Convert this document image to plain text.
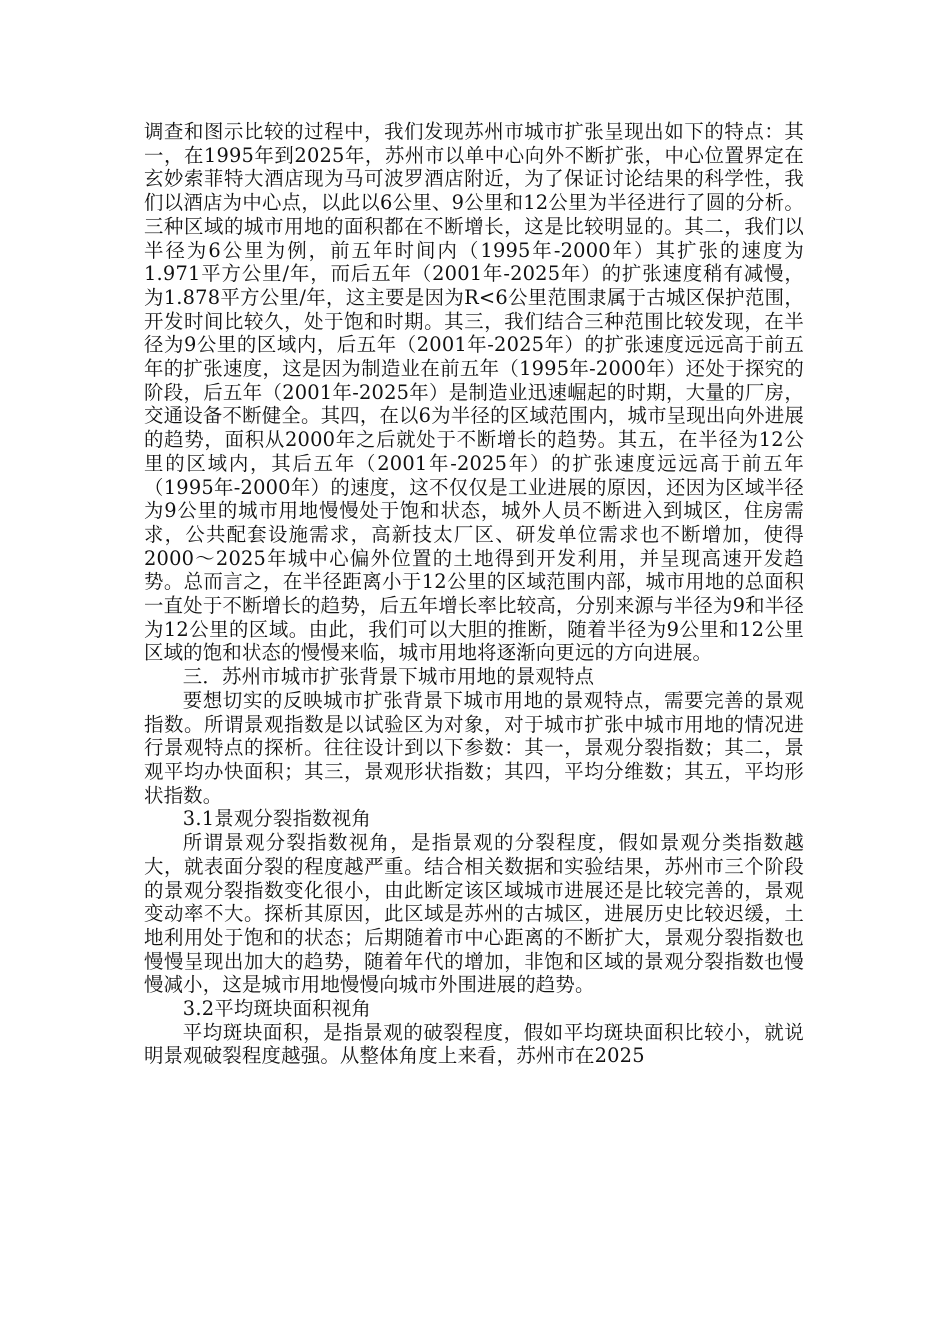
调查和图示比较的过程中，我们发现苏州市城市扩张呈现出如下的特点：其一，在1995年到2025年，苏州市以单中心向外不断扩张，中心位置界定在玄妙索菲特大酒店现为马可波罗酒店附近，为了保证讨论结果的科学性，我们以酒店为中心点，以此以6公里、9公里和12公里为半径进行了圆的分析。三种区域的城市用地的面积都在不断增长，这是比较明显的。其二，我们以半径为6公里为例，前五年时间内（1995年-2000年）其扩张的速度为1.971平方公里/年，而后五年（2001年-2025年）的扩张速度稍有减慢，为1.878平方公里/年，这主要是因为R<6公里范围隶属于古城区保护范围，开发时间比较久，处于饱和时期。其三，我们结合三种范围比较发现，在半径为9公里的区域内，后五年（2001年-2025年）的扩张速度远远高于前五年的扩张速度，这是因为制造业在前五年（1995年-2000年）还处于探究的阶段，后五年（2001年-2025年）是制造业迅速崛起的时期，大量的厂房，交通设备不断健全。其四，在以6为半径的区域范围内，城市呈现出向外进展的趋势，面积从2000年之后就处于不断增长的趋势。其五，在半径为12公里的区域内，其后五年（2001年-2025年）的扩张速度远远高于前五年（1995年-2000年）的速度，这不仅仅是工业进展的原因，还因为区域半径为9公里的城市用地慢慢处于饱和状态，城外人员不断进入到城区，住房需求，公共配套设施需求，高新技太厂区、研发单位需求也不断增加，使得2000～2025年城中心偏外位置的土地得到开发利用，并呈现高速开发趋势。总而言之，在半径距离小于12公里的区域范围内部，城市用地的总面积一直处于不断增长的趋势，后五年增长率比较高，分别来源与半径为9和半径为12公里的区域。由此，我们可以大胆的推断，随着半径为9公里和12公里区域的饱和状态的慢慢来临，城市用地将逐渐向更远的方向进展。

三．苏州市城市扩张背景下城市用地的景观特点

要想切实的反映城市扩张背景下城市用地的景观特点，需要完善的景观指数。所谓景观指数是以试验区为对象，对于城市扩张中城市用地的情况进行景观特点的探析。往往设计到以下参数：其一，景观分裂指数；其二，景观平均办快面积；其三，景观形状指数；其四，平均分维数；其五，平均形状指数。

3.1景观分裂指数视角

所谓景观分裂指数视角，是指景观的分裂程度，假如景观分类指数越大，就表面分裂的程度越严重。结合相关数据和实验结果，苏州市三个阶段的景观分裂指数变化很小，由此断定该区域城市进展还是比较完善的，景观变动率不大。探析其原因，此区域是苏州的古城区，进展历史比较迟缓，土地利用处于饱和的状态；后期随着市中心距离的不断扩大，景观分裂指数也慢慢呈现出加大的趋势，随着年代的增加，非饱和区域的景观分裂指数也慢慢减小，这是城市用地慢慢向城市外围进展的趋势。

3.2平均斑块面积视角

平均斑块面积，是指景观的破裂程度，假如平均斑块面积比较小，就说明景观破裂程度越强。从整体角度上来看，苏州市在2025
